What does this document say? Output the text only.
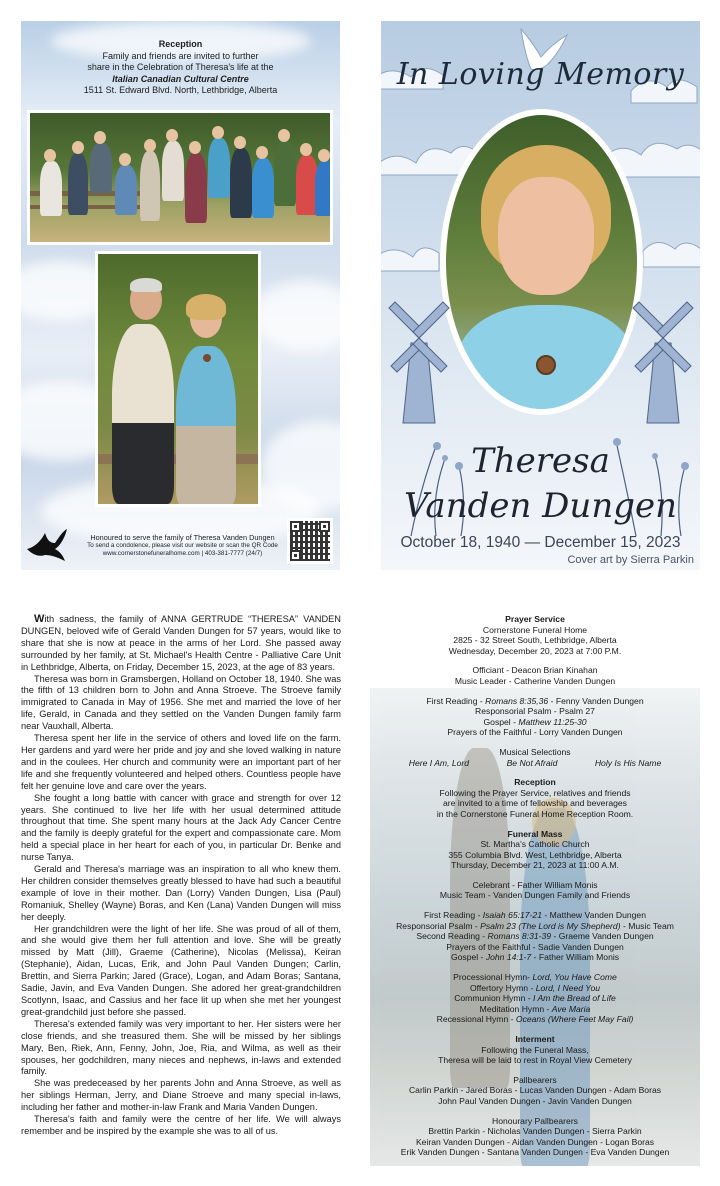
Reception
Family and friends are invited to further
share in the Celebration of Theresa's life at the
Italian Canadian Cultural Centre
1511 St. Edward Blvd. North, Lethbridge, Alberta
Honoured to serve the family of Theresa Vanden Dungen
To send a condolence, please visit our website or scan the QR Code
www.cornerstonefuneralhome.com | 403-381-7777 (24/7)
In Loving Memory
Theresa
Vanden Dungen
October 18, 1940 — December 15, 2023
Cover art by Sierra Parkin

With sadness, the family of ANNA GERTRUDE “THERESA” VANDEN DUNGEN, beloved wife of Gerald Vanden Dungen for 57 years, would like to share that she is now at peace in the arms of her Lord. She passed away surrounded by her family, at St. Michael's Health Centre - Palliative Care Unit in Lethbridge, Alberta, on Friday, December 15, 2023, at the age of 83 years.

Theresa was born in Gramsbergen, Holland on October 18, 1940. She was the fifth of 13 children born to John and Anna Stroeve. The Stroeve family immigrated to Canada in May of 1956. She met and married the love of her life, Gerald, in Canada and they settled on the Vanden Dungen family farm near Vauxhall, Alberta.

Theresa spent her life in the service of others and loved life on the farm. Her gardens and yard were her pride and joy and she loved walking in nature and in the coulees. Her church and community were an important part of her life and she frequently volunteered and helped others. Countless people have felt her genuine love and care over the years.

She fought a long battle with cancer with grace and strength for over 12 years. She continued to live her life with her usual determined attitude throughout that time. She spent many hours at the Jack Ady Cancer Centre and the family is deeply grateful for the expert and compassionate care. Mom held a special place in her heart for each of you, in particular Dr. Benke and nurse Tanya.

Gerald and Theresa's marriage was an inspiration to all who knew them. Her children consider themselves greatly blessed to have had such a beautiful example of love in their mother. Dan (Lorry) Vanden Dungen, Lisa (Paul) Romaniuk, Shelley (Wayne) Boras, and Ken (Lana) Vanden Dungen will miss her deeply.

Her grandchildren were the light of her life. She was proud of all of them, and she would give them her full attention and love. She will be greatly missed by Matt (Jill), Graeme (Catherine), Nicolas (Melissa), Keiran (Stephanie), Aidan, Lucas, Erik, and John Paul Vanden Dungen; Carlin, Brettin, and Sierra Parkin; Jared (Grace), Logan, and Adam Boras; Santana, Sadie, Javin, and Eva Vanden Dungen. She adored her great-grandchildren Scotlynn, Isaac, and Cassius and her face lit up when she met her youngest great-grandchild just before she passed.

Theresa's extended family was very important to her. Her sisters were her close friends, and she treasured them. She will be missed by her siblings Mary, Ben, Riek, Ann, Fenny, John, Joe, Ria, and Wilma, as well as their spouses, her godchildren, many nieces and nephews, in-laws and extended family.

She was predeceased by her parents John and Anna Stroeve, as well as her siblings Herman, Jerry, and Diane Stroeve and many special in-laws, including her father and mother-in-law Frank and Maria Vanden Dungen.

Theresa's faith and family were the centre of her life. We will always remember and be inspired by the example she was to all of us.

Prayer Service
Cornerstone Funeral Home
2825 - 32 Street South, Lethbridge, Alberta
Wednesday, December 20, 2023 at 7:00 P.M.
Officiant - Deacon Brian Kinahan
Music Leader - Catherine Vanden Dungen
First Reading - Romans 8:35,36 - Fenny Vanden Dungen
Responsorial Psalm - Psalm 27
Gospel - Matthew 11:25-30
Prayers of the Faithful - Lorry Vanden Dungen
Musical Selections
Here I Am, Lord	Be Not Afraid	Holy Is His Name
Reception
Following the Prayer Service, relatives and friends
are invited to a time of fellowship and beverages
in the Cornerstone Funeral Home Reception Room.
Funeral Mass
St. Martha's Catholic Church
355 Columbia Blvd. West, Lethbridge, Alberta
Thursday, December 21, 2023 at 11:00 A.M.
Celebrant - Father William Monis
Music Team - Vanden Dungen Family and Friends
First Reading - Isaiah 65:17-21 - Matthew Vanden Dungen
Responsorial Psalm - Psalm 23 (The Lord is My Shepherd) - Music Team
Second Reading - Romans 8:31-39 - Graeme Vanden Dungen
Prayers of the Faithful - Sadie Vanden Dungen
Gospel - John 14:1-7 - Father William Monis
Processional Hymn- Lord, You Have Come
Offertory Hymn - Lord, I Need You
Communion Hymn - I Am the Bread of Life
Meditation Hymn - Ave Maria
Recessional Hymn - Oceans (Where Feet May Fail)
Interment
Following the Funeral Mass,
Theresa will be laid to rest in Royal View Cemetery
Pallbearers
Carlin Parkin - Jared Boras - Lucas Vanden Dungen - Adam Boras
John Paul Vanden Dungen - Javin Vanden Dungen
Honourary Pallbearers
Brettin Parkin - Nicholas Vanden Dungen - Sierra Parkin
Keiran Vanden Dungen - Aidan Vanden Dungen - Logan Boras
Erik Vanden Dungen - Santana Vanden Dungen - Eva Vanden Dungen
